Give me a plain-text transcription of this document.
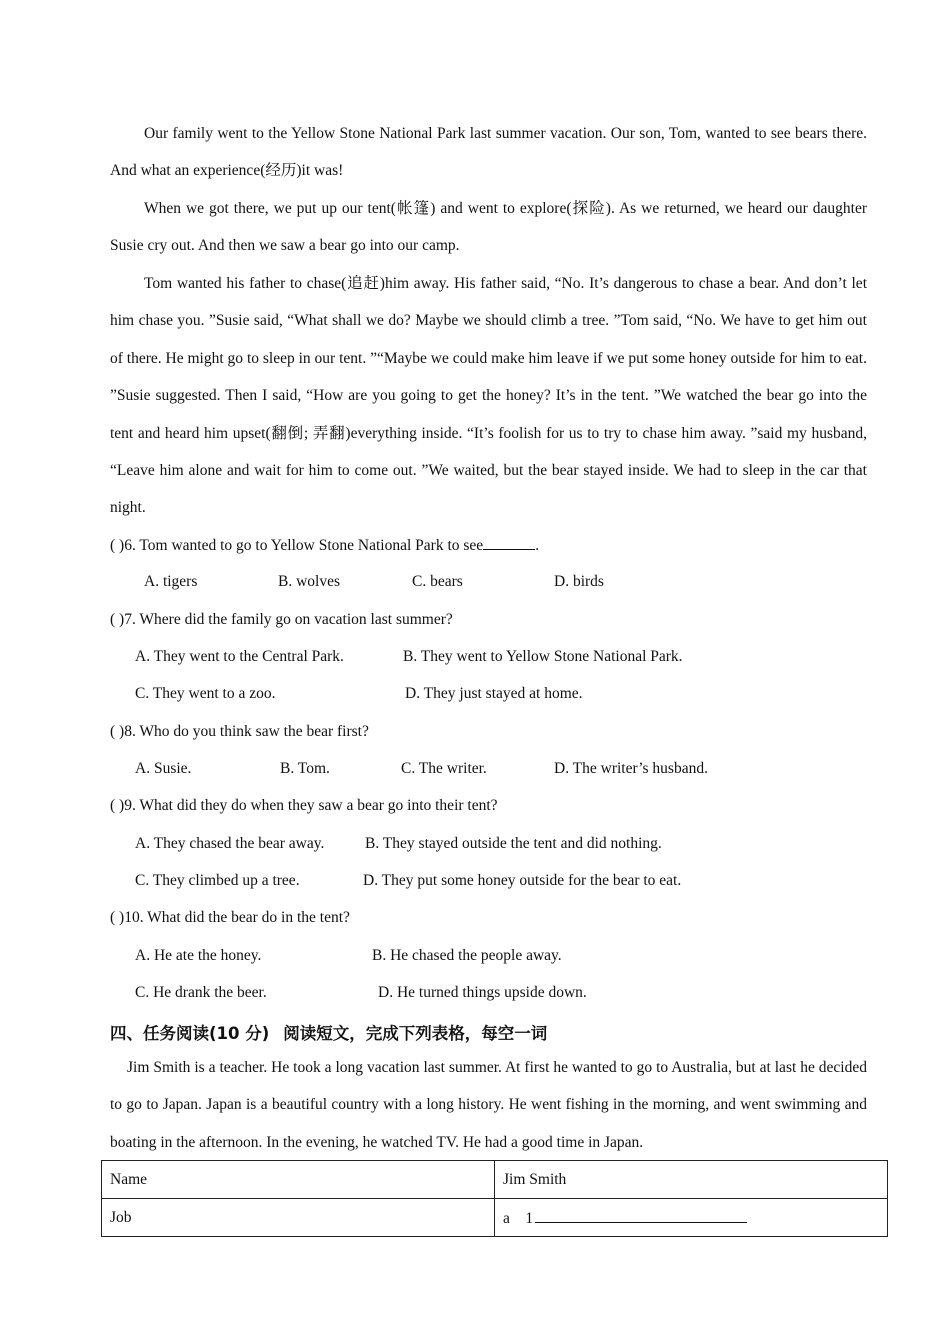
Our family went to the Yellow Stone National Park last summer vacation. Our son, Tom, wanted to see bears there. And what an experience(经历)it was!

When we got there, we put up our tent(帐篷) and went to explore(探险). As we returned, we heard our daughter Susie cry out. And then we saw a bear go into our camp.

Tom wanted his father to chase(追赶)him away. His father said, “No. It’s dangerous to chase a bear. And don’t let him chase you. ”Susie said, “What shall we do? Maybe we should climb a tree. ”Tom said, “No. We have to get him out of there. He might go to sleep in our tent. ”“Maybe we could make him leave if we put some honey outside for him to eat. ”Susie suggested. Then I said, “How are you going to get the honey? It’s in the tent. ”We watched the bear go into the tent and heard him upset(翻倒; 弄翻)everything inside. “It’s foolish for us to try to chase him away. ”said my husband, “Leave him alone and wait for him to come out. ”We waited, but the bear stayed inside. We had to sleep in the car that night.

( )6. Tom wanted to go to Yellow Stone National Park to see	.
A. tigers	B. wolves	C. bears	D. birds
( )7. Where did the family go on vacation last summer?
A. They went to the Central Park.	B. They went to Yellow Stone National Park.
C. They went to a zoo.	D. They just stayed at home.
( )8. Who do you think saw the bear first?
A. Susie.	B. Tom.	C. The writer.	D. The writer’s husband.
( )9. What did they do when they saw a bear go into their tent?
A. They chased the bear away.	B. They stayed outside the tent and did nothing.
C. They climbed up a tree.	D. They put some honey outside for the bear to eat.
( )10. What did the bear do in the tent?
A. He ate the honey.	B. He chased the people away.
C. He drank the beer.	D. He turned things upside down.
四、任务阅读(10 分) 阅读短文，完成下列表格，每空一词

Jim Smith is a teacher. He took a long vacation last summer. At first he wanted to go to Australia, but at last he decided to go to Japan. Japan is a beautiful country with a long history. He went fishing in the morning, and went swimming and boating in the afternoon. In the evening, he watched TV. He had a good time in Japan.

Name	Jim Smith
Job	a    1
